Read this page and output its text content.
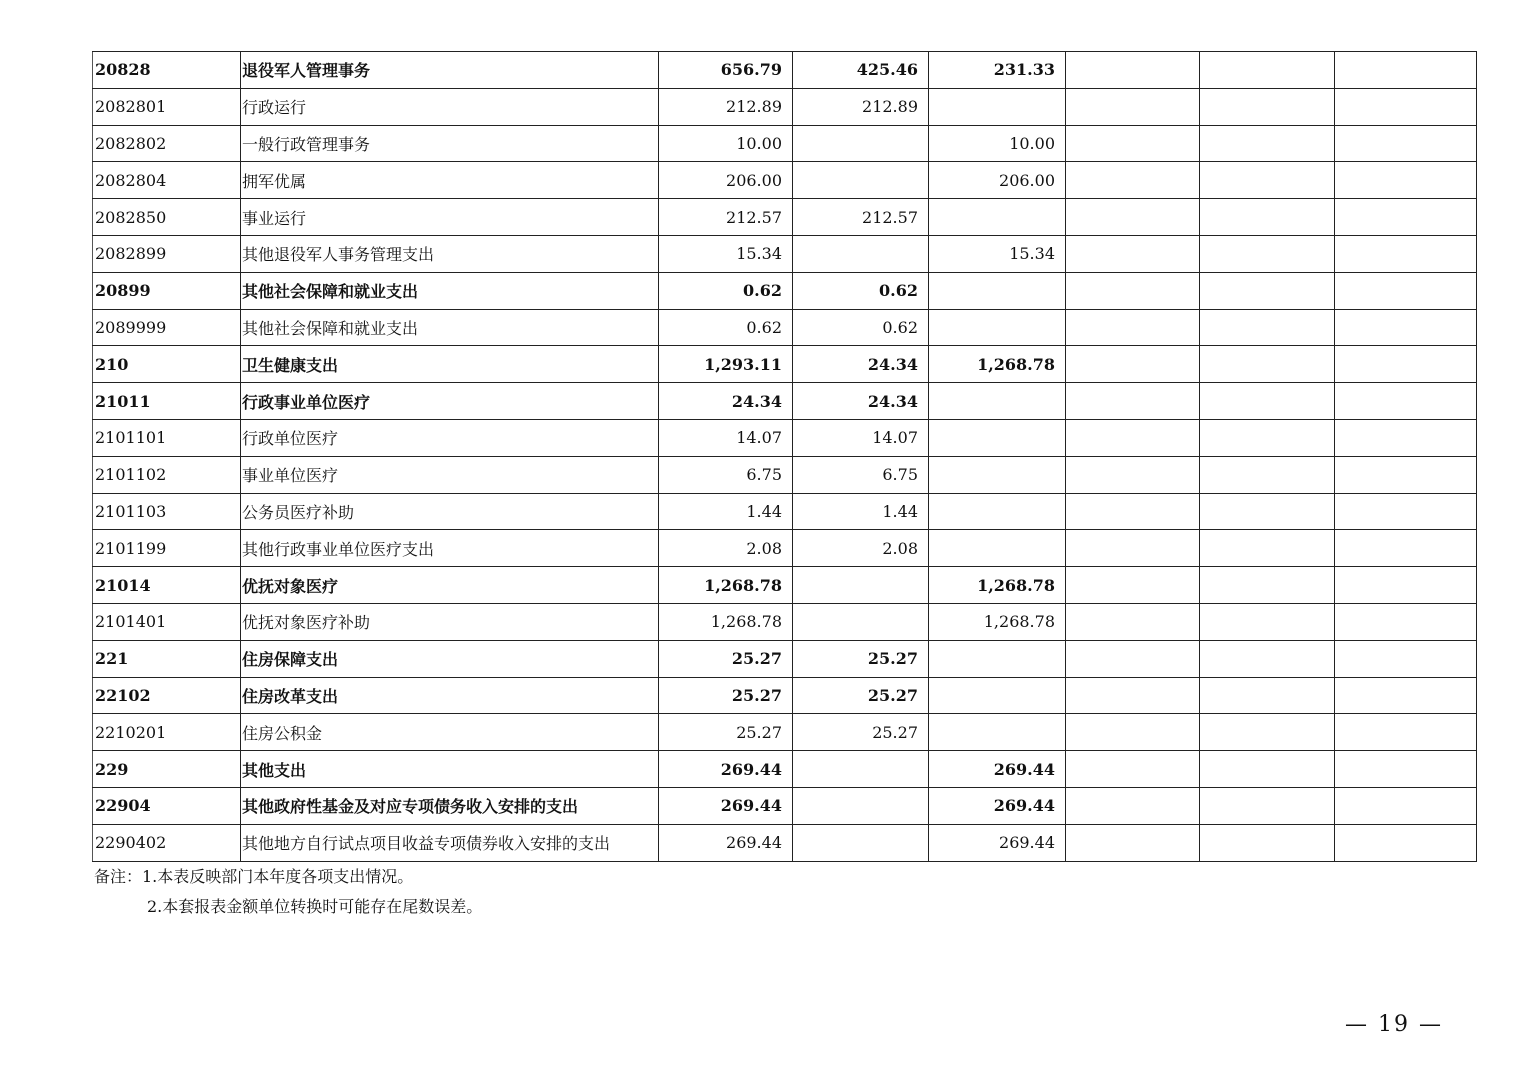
20828	退役军人管理事务	656.79	425.46	231.33			
2082801	行政运行	212.89	212.89				
2082802	一般行政管理事务	10.00		10.00			
2082804	拥军优属	206.00		206.00			
2082850	事业运行	212.57	212.57				
2082899	其他退役军人事务管理支出	15.34		15.34			
20899	其他社会保障和就业支出	0.62	0.62				
2089999	其他社会保障和就业支出	0.62	0.62				
210	卫生健康支出	1,293.11	24.34	1,268.78			
21011	行政事业单位医疗	24.34	24.34				
2101101	行政单位医疗	14.07	14.07				
2101102	事业单位医疗	6.75	6.75				
2101103	公务员医疗补助	1.44	1.44				
2101199	其他行政事业单位医疗支出	2.08	2.08				
21014	优抚对象医疗	1,268.78		1,268.78			
2101401	优抚对象医疗补助	1,268.78		1,268.78			
221	住房保障支出	25.27	25.27				
22102	住房改革支出	25.27	25.27				
2210201	住房公积金	25.27	25.27				
229	其他支出	269.44		269.44			
22904	其他政府性基金及对应专项债务收入安排的支出	269.44		269.44			
2290402	其他地方自行试点项目收益专项债券收入安排的支出	269.44		269.44			
备注：1.本表反映部门本年度各项支出情况。
2.本套报表金额单位转换时可能存在尾数误差。
— 19 —
